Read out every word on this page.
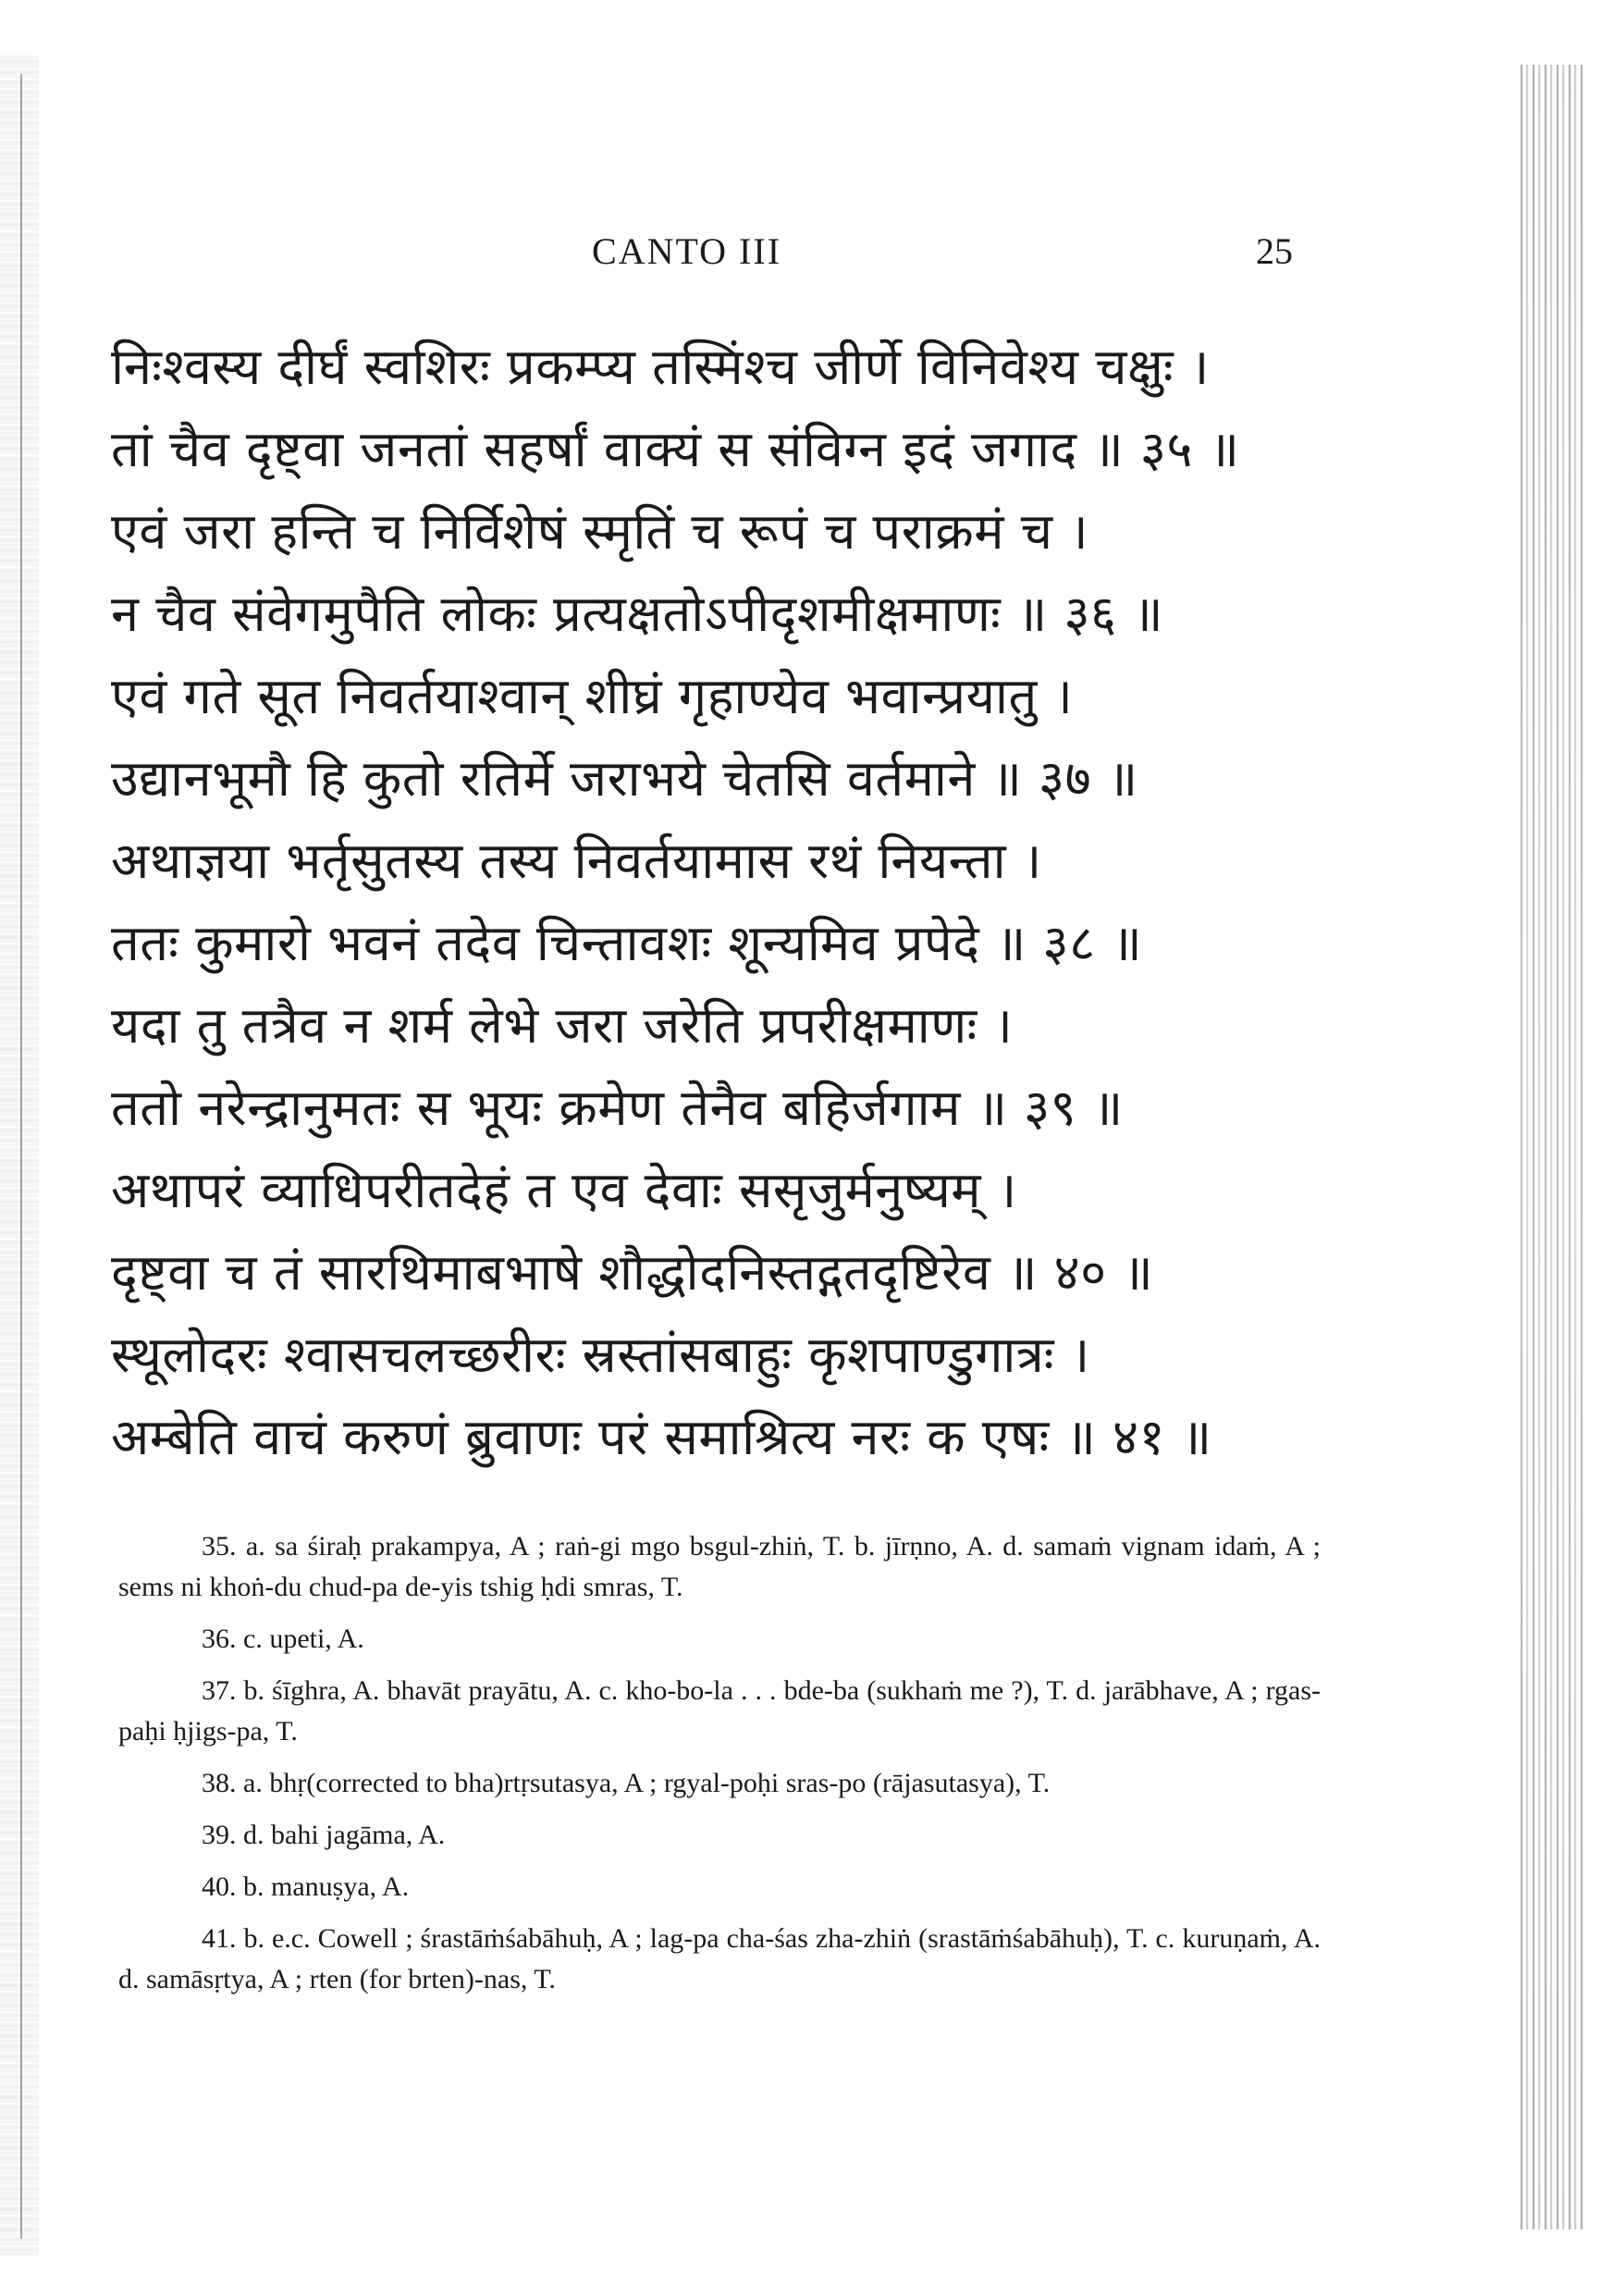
CANTO III	25
निःश्वस्य दीर्घं स्वशिरः प्रकम्प्य तस्मिंश्च जीर्णे विनिवेश्य चक्षुः ।
तां चैव दृष्ट्वा जनतां सहर्षां वाक्यं स संविग्न इदं जगाद ॥ ३५ ॥
एवं जरा हन्ति च निर्विशेषं स्मृतिं च रूपं च पराक्रमं च ।
न चैव संवेगमुपैति लोकः प्रत्यक्षतोऽपीदृशमीक्षमाणः ॥ ३६ ॥
एवं गते सूत निवर्तयाश्वान् शीघ्रं गृहाण्येव भवान्प्रयातु ।
उद्यानभूमौ हि कुतो रतिर्मे जराभये चेतसि वर्तमाने ॥ ३७ ॥
अथाज्ञया भर्तृसुतस्य तस्य निवर्तयामास रथं नियन्ता ।
ततः कुमारो भवनं तदेव चिन्तावशः शून्यमिव प्रपेदे ॥ ३८ ॥
यदा तु तत्रैव न शर्म लेभे जरा जरेति प्रपरीक्षमाणः ।
ततो नरेन्द्रानुमतः स भूयः क्रमेण तेनैव बहिर्जगाम ॥ ३९ ॥
अथापरं व्याधिपरीतदेहं त एव देवाः ससृजुर्मनुष्यम् ।
दृष्ट्वा च तं सारथिमाबभाषे शौद्धोदनिस्तद्गतदृष्टिरेव ॥ ४० ॥
स्थूलोदरः श्वासचलच्छरीरः स्रस्तांसबाहुः कृशपाण्डुगात्रः ।
अम्बेति वाचं करुणं ब्रुवाणः परं समाश्रित्य नरः क एषः ॥ ४१ ॥

35. a. sa śiraḥ prakampya, A ; raṅ-gi mgo bsgul-zhiṅ, T. b. jīrṇno, A. d. samaṁ vignam idaṁ, A ; sems ni khoṅ-du chud-pa de-yis tshig ḥdi smras, T.

36. c. upeti, A.

37. b. śīghra, A. bhavāt prayātu, A. c. kho-bo-la . . . bde-ba (sukhaṁ me ?), T. d. jarābhave, A ; rgas-paḥi ḥjigs-pa, T.

38. a. bhṛ(corrected to bha)rtṛsutasya, A ; rgyal-poḥi sras-po (rājasutasya), T.

39. d. bahi jagāma, A.

40. b. manuṣya, A.

41. b. e.c. Cowell ; śrastāṁśabāhuḥ, A ; lag-pa cha-śas zha-zhiṅ (srastāṁśabāhuḥ), T. c. kuruṇaṁ, A. d. samāsṛtya, A ; rten (for brten)-nas, T.
